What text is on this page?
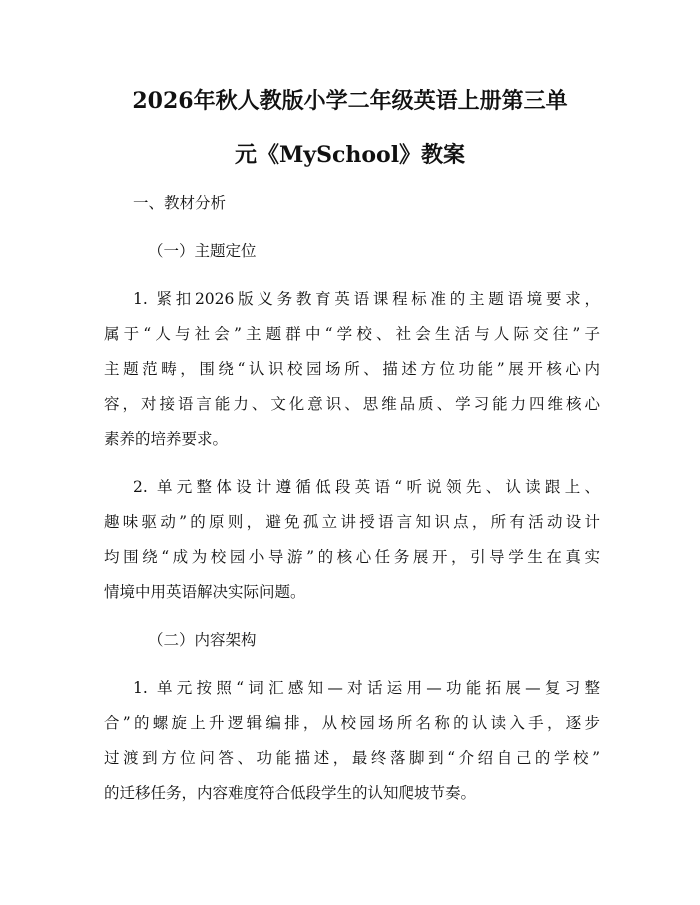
2026年秋人教版小学二年级英语上册第三单
元《MySchool》教案

一、教材分析

（一）主题定位

1. 紧扣2026版义务教育英语课程标准的主题语境要求，

属于“人与社会”主题群中“学校、社会生活与人际交往”子

主题范畴，围绕“认识校园场所、描述方位功能”展开核心内

容，对接语言能力、文化意识、思维品质、学习能力四维核心

素养的培养要求。

2. 单元整体设计遵循低段英语“听说领先、认读跟上、

趣味驱动”的原则，避免孤立讲授语言知识点，所有活动设计

均围绕“成为校园小导游”的核心任务展开，引导学生在真实

情境中用英语解决实际问题。

（二）内容架构

1. 单元按照“词汇感知—对话运用—功能拓展—复习整

合”的螺旋上升逻辑编排，从校园场所名称的认读入手，逐步

过渡到方位问答、功能描述，最终落脚到“介绍自己的学校”

的迁移任务，内容难度符合低段学生的认知爬坡节奏。
